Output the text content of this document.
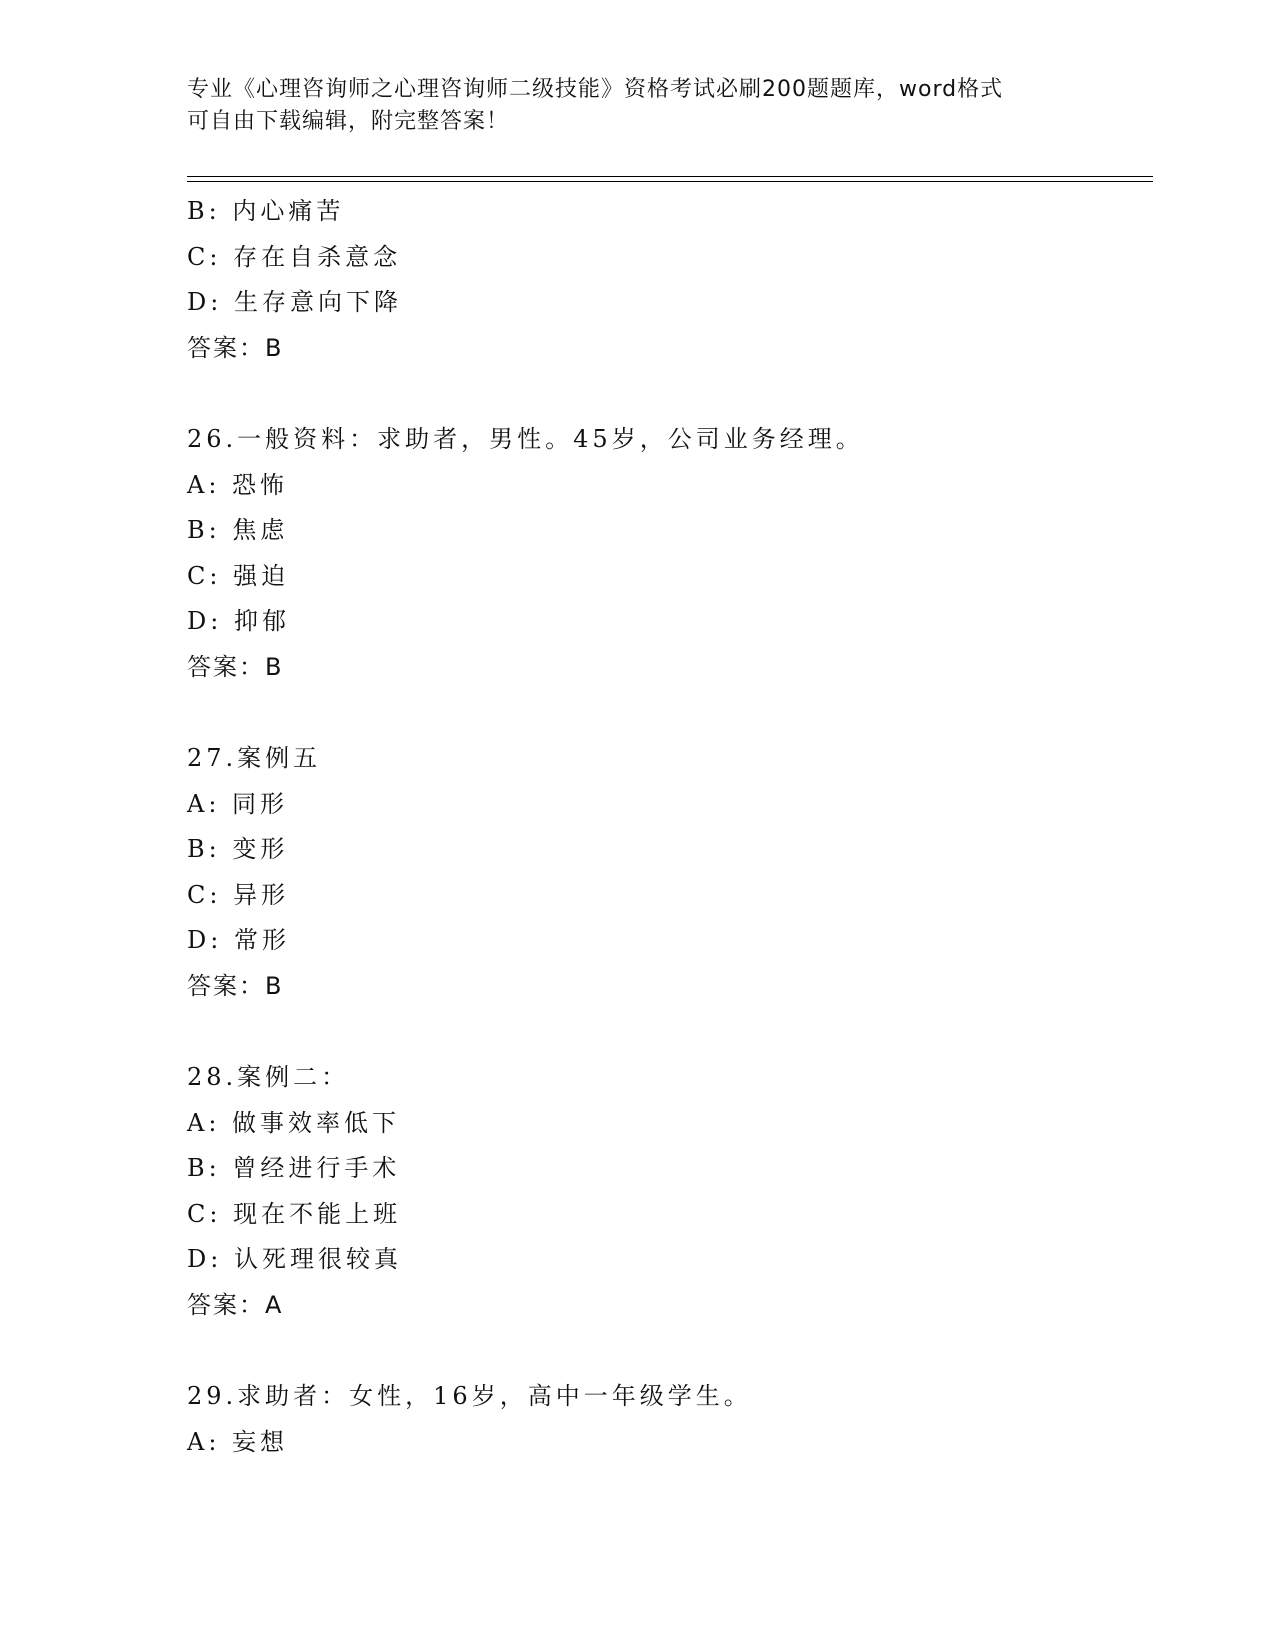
专业《心理咨询师之心理咨询师二级技能》资格考试必刷200题题库，word格式
可自由下载编辑，附完整答案！
B: 内心痛苦
C: 存在自杀意念
D: 生存意向下降
答案：B
26.一般资料：求助者，男性。45岁，公司业务经理。
A: 恐怖
B: 焦虑
C: 强迫
D: 抑郁
答案：B
27.案例五
A: 同形
B: 变形
C: 异形
D: 常形
答案：B
28.案例二：
A: 做事效率低下
B: 曾经进行手术
C: 现在不能上班
D: 认死理很较真
答案：A
29.求助者：女性，16岁，高中一年级学生。
A: 妄想
